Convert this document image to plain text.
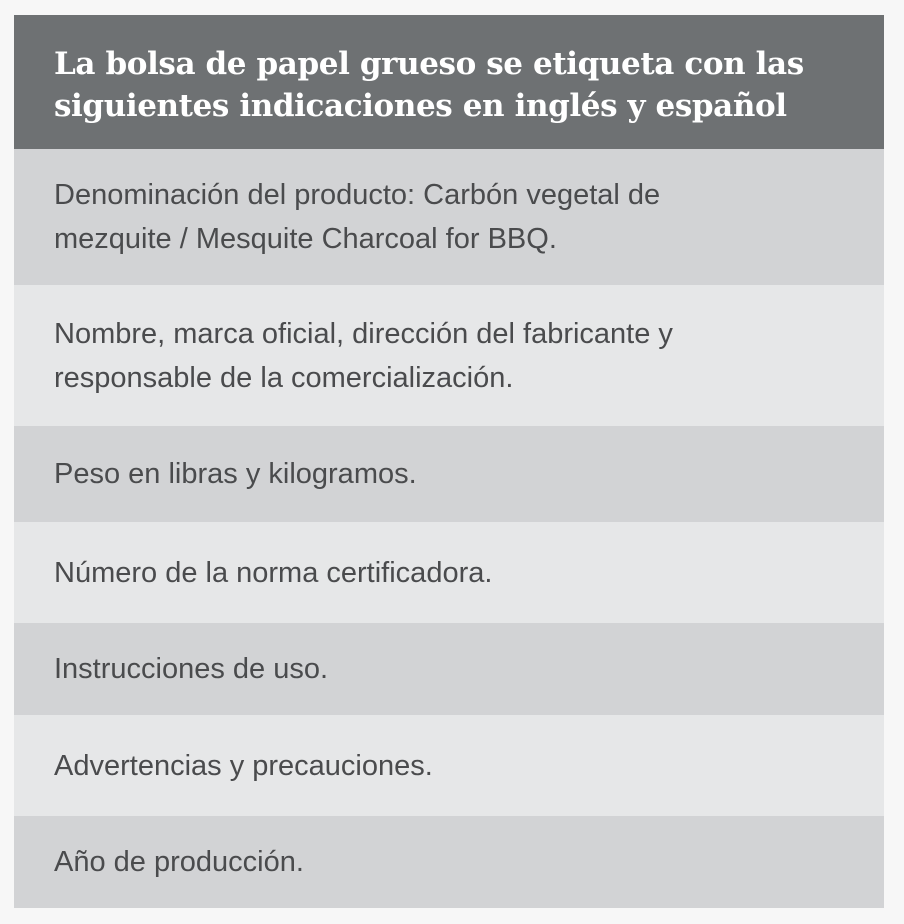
La bolsa de papel grueso se etiqueta con las siguientes indicaciones en inglés y español
Denominación del producto: Carbón vegetal de mezquite / Mesquite Charcoal for BBQ.
Nombre, marca oficial, dirección del fabricante y responsable de la comercialización.
Peso en libras y kilogramos.
Número de la norma certificadora.
Instrucciones de uso.
Advertencias y precauciones.
Año de producción.
